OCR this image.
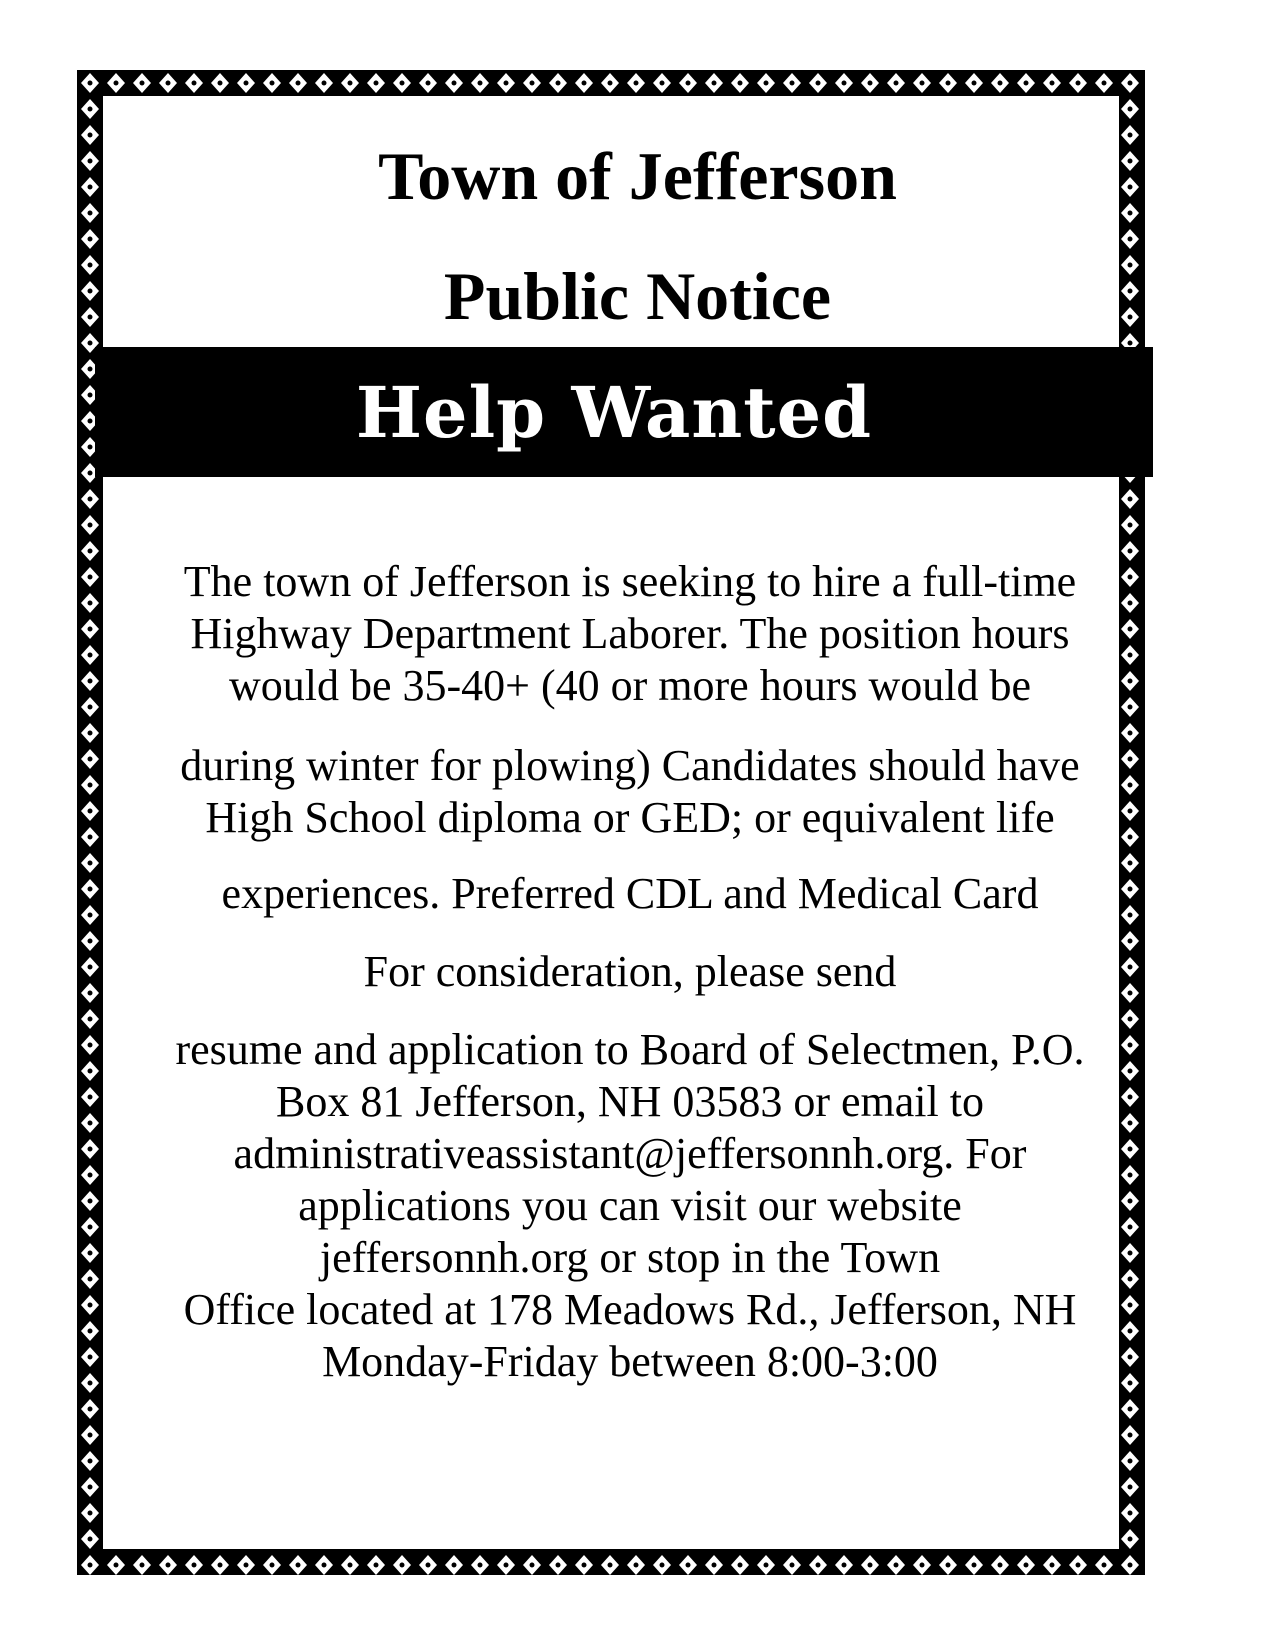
Town of Jefferson
Public Notice
Help Wanted

The town of Jefferson is seeking to hire a full-time
Highway Department Laborer. The position hours
would be 35-40+ (40 or more hours would be

during winter for plowing) Candidates should have
High School diploma or GED; or equivalent life

experiences. Preferred CDL and Medical Card

For consideration, please send

resume and application to Board of Selectmen, P.O.
Box 81 Jefferson, NH 03583 or email to
administrativeassistant@jeffersonnh.org. For
applications you can visit our website
jeffersonnh.org or stop in the Town
Office located at 178 Meadows Rd., Jefferson, NH
Monday-Friday between 8:00-3:00
